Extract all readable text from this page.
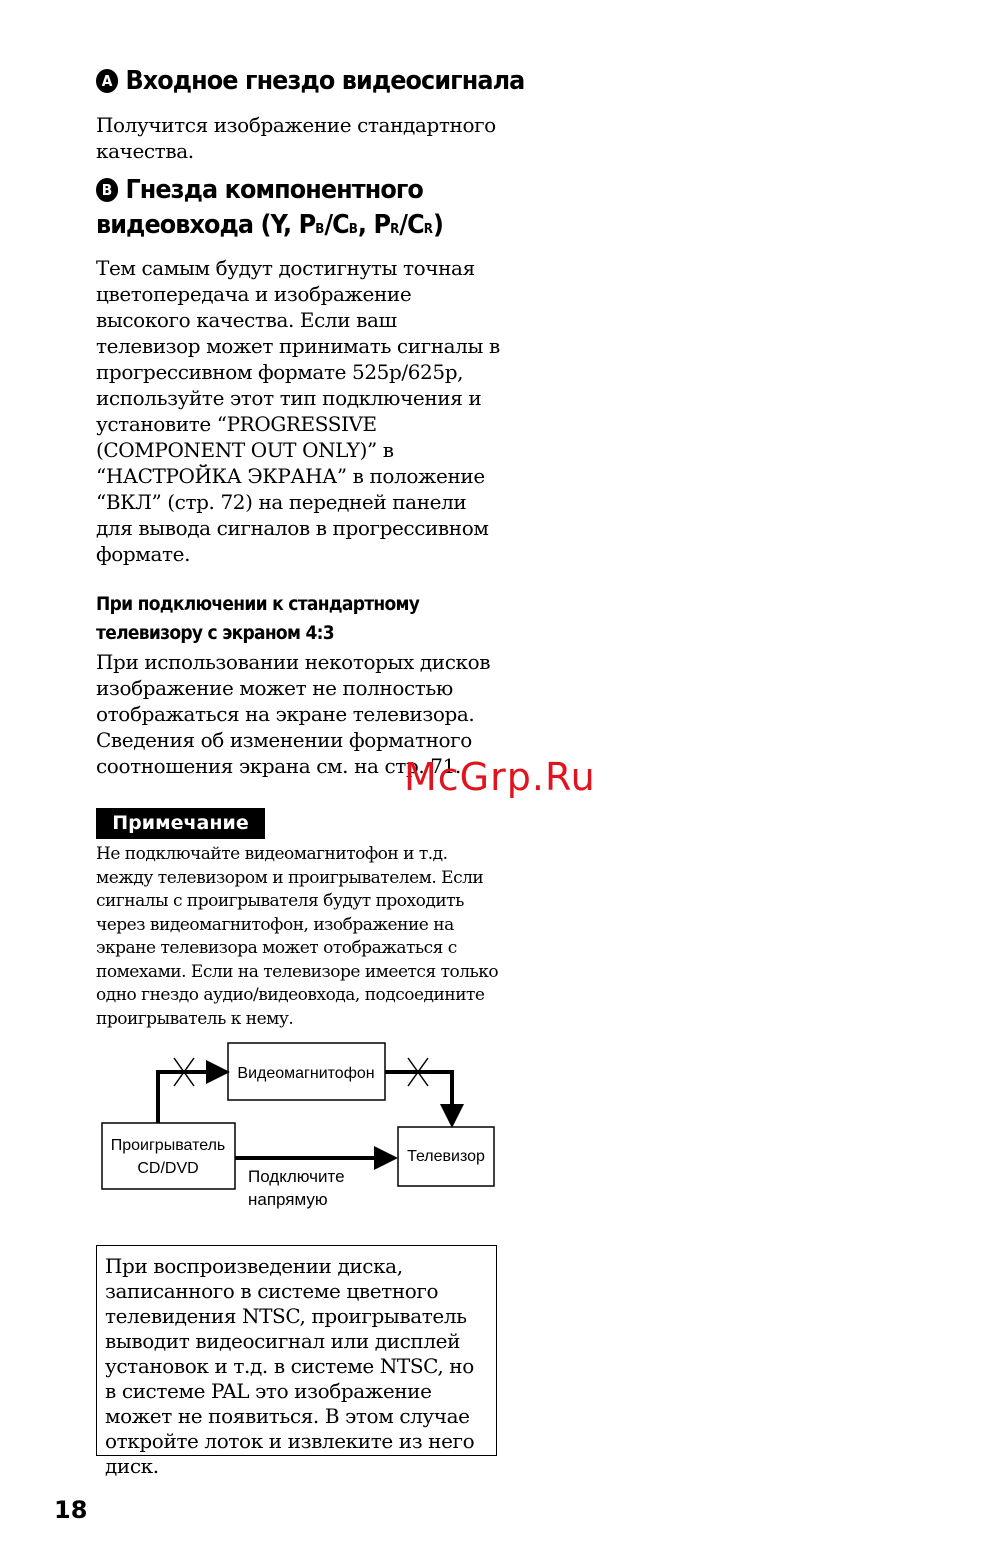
A Входное гнездо видеосигнала

Получится изображение стандартного качества.

B Гнезда компонентного
видеовхода (Y, PB/CB, PR/CR)

Тем самым будут достигнуты точная цветопередача и изображение высокого качества. Если ваш телевизор может принимать сигналы в прогрессивном формате 525p/625p, используйте этот тип подключения и установите “PROGRESSIVE (COMPONENT OUT ONLY)” в “НАСТРОЙКА ЭКРАНА” в положение “ВКЛ” (стр. 72) на передней панели для вывода сигналов в прогрессивном формате.

При подключении к стандартному
телевизору с экраном 4:3

При использовании некоторых дисков изображение может не полностью отображаться на экране телевизора. Сведения об изменении форматного соотношения экрана см. на стр. 71.

McGrp.Ru
Примечание

Не подключайте видеомагнитофон и т.д. между телевизором и проигрывателем. Если сигналы с проигрывателя будут проходить через видеомагнитофон, изображение на экране телевизора может отображаться с помехами. Если на телевизоре имеется только одно гнездо аудио/видеовхода, подсоедините проигрыватель к нему.

Видеомагнитофон
Проигрыватель
CD/DVD
Телевизор
Подключите
напрямую
При воспроизведении диска, записанного в системе цветного телевидения NTSC, проигрыватель выводит видеосигнал или дисплей установок и т.д. в системе NTSC, но в системе PAL это изображение может не появиться. В этом случае откройте лоток и извлеките из него диск.
18
